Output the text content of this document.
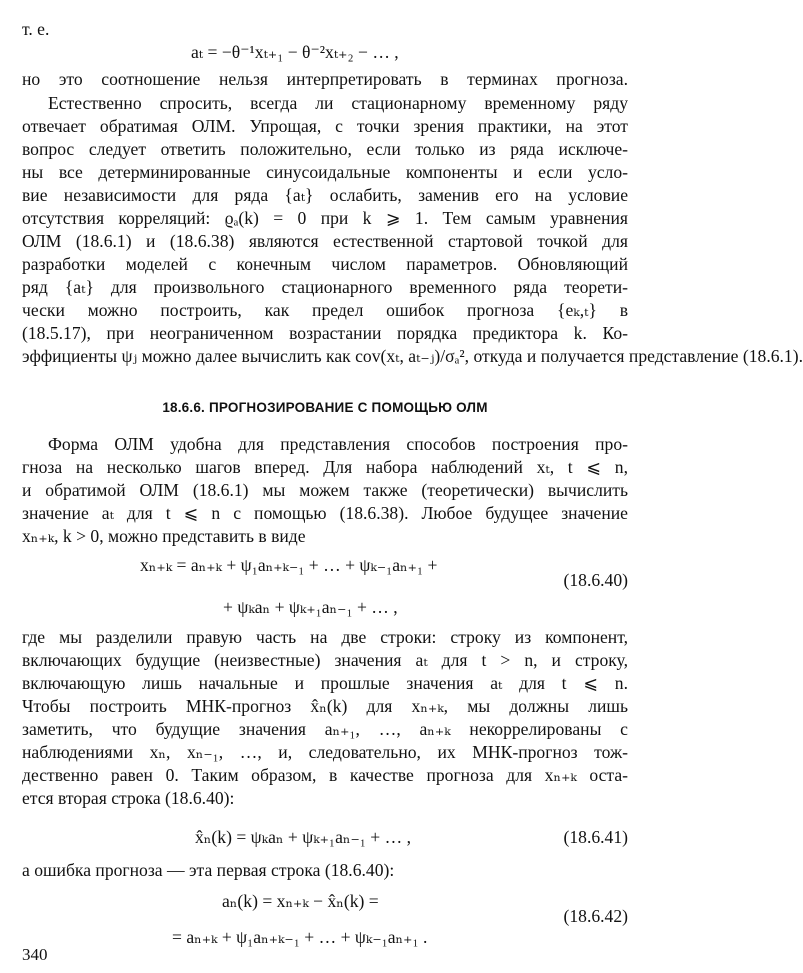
т. е.
aₜ = −θ⁻¹xₜ₊₁ − θ⁻²xₜ₊₂ − … ,
но это соотношение нельзя интерпретировать в терминах прогноза.
Естественно спросить, всегда ли стационарному временному ряду
отвечает обратимая ОЛМ. Упрощая, с точки зрения практики, на этот
вопрос следует ответить положительно, если только из ряда исключе-
ны все детерминированные синусоидальные компоненты и если усло-
вие независимости для ряда {aₜ} ослабить, заменив его на условие
отсутствия корреляций: ϱₐ(k) = 0 при k ⩾ 1. Тем самым уравнения
ОЛМ (18.6.1) и (18.6.38) являются естественной стартовой точкой для
разработки моделей с конечным числом параметров. Обновляющий
ряд {aₜ} для произвольного стационарного временного ряда теорети-
чески можно построить, как предел ошибок прогноза {eₖ,ₜ} в
(18.5.17), при неограниченном возрастании порядка предиктора k. Ко-
эффициенты ψⱼ можно далее вычислить как cov(xₜ, aₜ₋ⱼ)/σₐ², откуда и получается представление (18.6.1).
18.6.6. ПРОГНОЗИРОВАНИЕ С ПОМОЩЬЮ ОЛМ
Форма ОЛМ удобна для представления способов построения про-
гноза на несколько шагов вперед. Для набора наблюдений xₜ, t ⩽ n,
и обратимой ОЛМ (18.6.1) мы можем также (теоретически) вычислить
значение aₜ для t ⩽ n с помощью (18.6.38). Любое будущее значение
xₙ₊ₖ, k > 0, можно представить в виде
xₙ₊ₖ = aₙ₊ₖ + ψ₁aₙ₊ₖ₋₁ + … + ψₖ₋₁aₙ₊₁ +
(18.6.40)
+ ψₖaₙ + ψₖ₊₁aₙ₋₁ + … ,
где мы разделили правую часть на две строки: строку из компонент,
включающих будущие (неизвестные) значения aₜ для t > n, и строку,
включающую лишь начальные и прошлые значения aₜ для t ⩽ n.
Чтобы построить МНК-прогноз x̂ₙ(k) для xₙ₊ₖ, мы должны лишь
заметить, что будущие значения aₙ₊₁, …, aₙ₊ₖ некоррелированы с
наблюдениями xₙ, xₙ₋₁, …, и, следовательно, их МНК-прогноз тож-
дественно равен 0. Таким образом, в качестве прогноза для xₙ₊ₖ оста-
ется вторая строка (18.6.40):
x̂ₙ(k) = ψₖaₙ + ψₖ₊₁aₙ₋₁ + … ,	(18.6.41)
а ошибка прогноза — эта первая строка (18.6.40):
aₙ(k) = xₙ₊ₖ − x̂ₙ(k) =
(18.6.42)
= aₙ₊ₖ + ψ₁aₙ₊ₖ₋₁ + … + ψₖ₋₁aₙ₊₁ .
340
